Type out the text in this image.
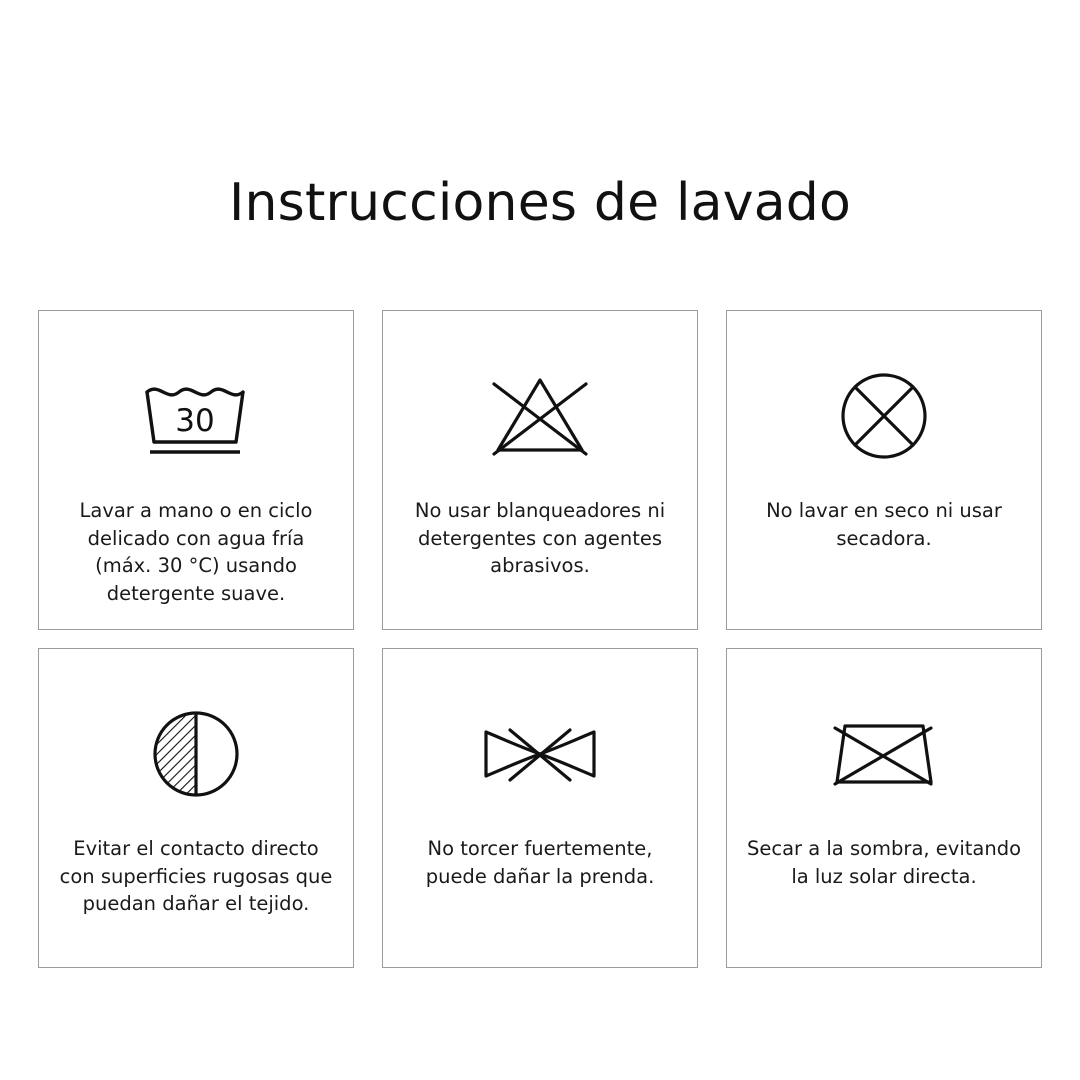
Instrucciones de lavado
30
Lavar a mano o en ciclo delicado con agua fría (máx. 30 °C) usando detergente suave.
No usar blanqueadores ni detergentes con agentes abrasivos.
No lavar en seco ni usar secadora.
Evitar el contacto directo con superficies rugosas que puedan dañar el tejido.
No torcer fuertemente, puede dañar la prenda.
Secar a la sombra, evitando la luz solar directa.
